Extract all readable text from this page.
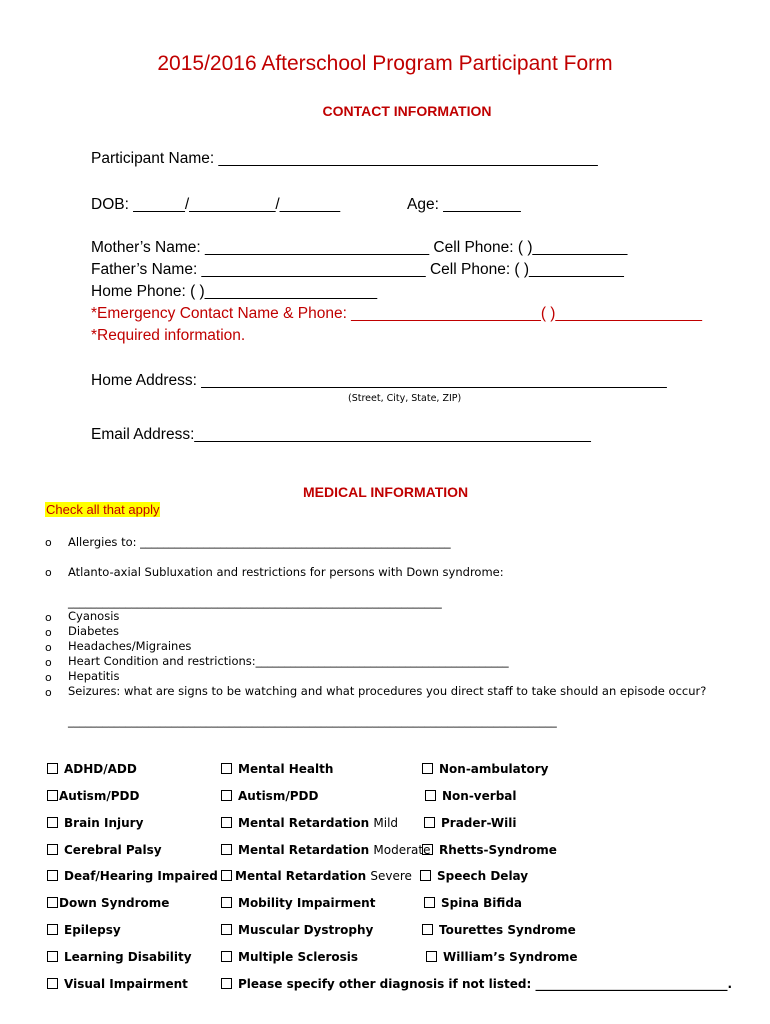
2015/2016 Afterschool Program Participant Form
CONTACT INFORMATION
Participant Name: ____________________________________________
DOB: ______/__________/_______	Age: _________
Mother’s Name: __________________________ Cell Phone: ( )___________
Father’s Name: __________________________ Cell Phone: ( )___________
Home Phone: ( )____________________
*Emergency Contact Name & Phone: ______________________( )_________________
*Required information.
Home Address: ______________________________________________________
(Street, City, State, ZIP)
Email Address:______________________________________________
MEDICAL INFORMATION
Check all that apply
o Allergies to: ______________________________________________________
o Atlanto-axial Subluxation and restrictions for persons with Down syndrome:
_________________________________________________________________
o Cyanosis
o Diabetes
o Headaches/Migraines
o Heart Condition and restrictions:____________________________________________
o Hepatitis
o Seizures: what are signs to be watching and what procedures you direct staff to take should an episode occur?
_____________________________________________________________________________________
ADHD/ADD
Autism/PDD
Brain Injury
Cerebral Palsy
Deaf/Hearing Impaired
Down Syndrome
Epilepsy
Learning Disability
Visual Impairment
Mental Health
Autism/PDD
Mental Retardation Mild
Mental Retardation Moderate
Mental Retardation Severe
Mobility Impairment
Muscular Dystrophy
Multiple Sclerosis
Please specify other diagnosis if not listed: ________________________________.
Non-ambulatory
Non-verbal
Prader-Wili
Rhetts-Syndrome
Speech Delay
Spina Bifida
Tourettes Syndrome
William’s Syndrome
